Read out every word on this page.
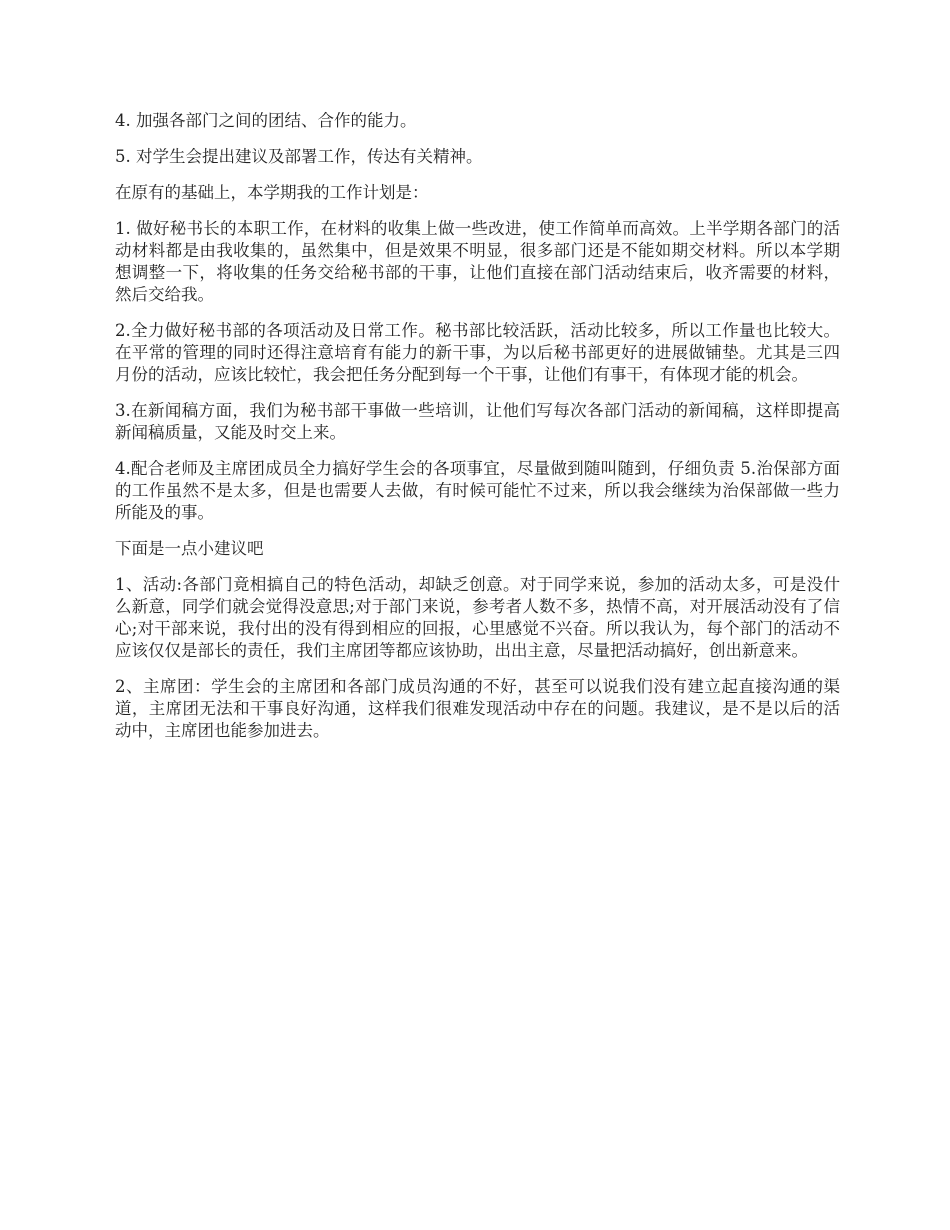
4. 加强各部门之间的团结、合作的能力。

5. 对学生会提出建议及部署工作，传达有关精神。

在原有的基础上，本学期我的工作计划是：

1. 做好秘书长的本职工作，在材料的收集上做一些改进，使工作简单而高效。上半学期各部门的活动材料都是由我收集的，虽然集中，但是效果不明显，很多部门还是不能如期交材料。所以本学期想调整一下，将收集的任务交给秘书部的干事，让他们直接在部门活动结束后，收齐需要的材料，然后交给我。

2.全力做好秘书部的各项活动及日常工作。秘书部比较活跃，活动比较多，所以工作量也比较大。在平常的管理的同时还得注意培育有能力的新干事，为以后秘书部更好的进展做铺垫。尤其是三四月份的活动，应该比较忙，我会把任务分配到每一个干事，让他们有事干，有体现才能的机会。

3.在新闻稿方面，我们为秘书部干事做一些培训，让他们写每次各部门活动的新闻稿，这样即提高新闻稿质量，又能及时交上来。

4.配合老师及主席团成员全力搞好学生会的各项事宜，尽量做到随叫随到，仔细负责 5.治保部方面的工作虽然不是太多，但是也需要人去做，有时候可能忙不过来，所以我会继续为治保部做一些力所能及的事。

下面是一点小建议吧

1、活动:各部门竟相搞自己的特色活动，却缺乏创意。对于同学来说，参加的活动太多，可是没什么新意，同学们就会觉得没意思;对于部门来说，参考者人数不多，热情不高，对开展活动没有了信心;对干部来说，我付出的没有得到相应的回报，心里感觉不兴奋。所以我认为，每个部门的活动不应该仅仅是部长的责任，我们主席团等都应该协助，出出主意，尽量把活动搞好，创出新意来。

2、主席团：学生会的主席团和各部门成员沟通的不好，甚至可以说我们没有建立起直接沟通的渠道，主席团无法和干事良好沟通，这样我们很难发现活动中存在的问题。我建议，是不是以后的活动中，主席团也能参加进去。
